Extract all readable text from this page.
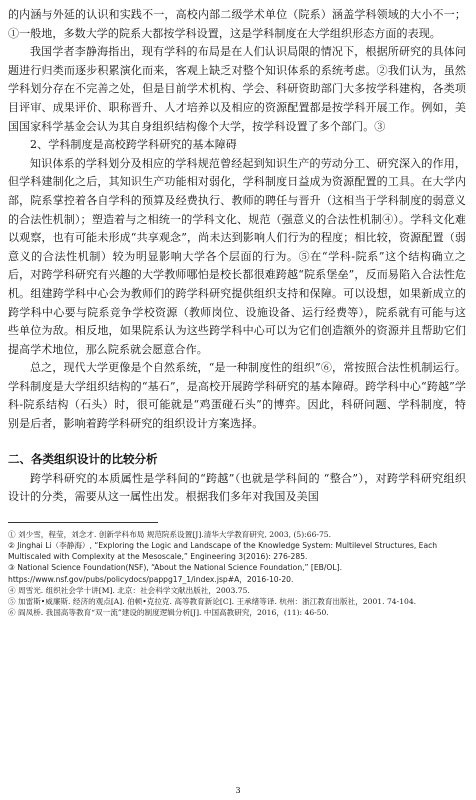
的内涵与外延的认识和实践不一，高校内部二级学术单位（院系）涵盖学科领域的大小不一；①一般地，多数大学的院系大都按学科设置，这是学科制度在大学组织形态方面的表现。

我国学者李静海指出，现有学科的布局是在人们认识局限的情况下，根据所研究的具体问题进行归类而逐步积累演化而来，客观上缺乏对整个知识体系的系统考虑。②我们认为，虽然学科划分存在不完善之处，但是目前学术机构、学会、科研资助部门大多按学科建构，各类项目评审、成果评价、职称晋升、人才培养以及相应的资源配置都是按学科开展工作。例如，美国国家科学基金会认为其自身组织结构像个大学，按学科设置了多个部门。③

2、学科制度是高校跨学科研究的基本障碍

知识体系的学科划分及相应的学科规范曾经起到知识生产的劳动分工、研究深入的作用，但学科建制化之后，其知识生产功能相对弱化，学科制度日益成为资源配置的工具。在大学内部，院系掌控着各自学科的预算及经费执行、教师的聘任与晋升（这相当于学科制度的弱意义的合法性机制）；塑造着与之相统一的学科文化、规范（强意义的合法性机制④）。学科文化难以观察，也有可能未形成“共享观念”，尚未达到影响人们行为的程度；相比较，资源配置（弱意义的合法性机制）较为明显影响大学各个层面的行为。⑤在“学科-院系”这个结构确立之后，对跨学科研究有兴趣的大学教师哪怕是校长都很难跨越“院系堡垒”，反而易陷入合法性危机。组建跨学科中心会为教师们的跨学科研究提供组织支持和保障。可以设想，如果新成立的跨学科中心要与院系竞争学校资源（教师岗位、设施设备、运行经费等），院系就有可能与这些单位为敌。相反地，如果院系认为这些跨学科中心可以为它们创造额外的资源并且帮助它们提高学术地位，那么院系就会愿意合作。

总之，现代大学更像是个自然系统，“是一种制度性的组织”⑥，常按照合法性机制运行。学科制度是大学组织结构的“基石”，是高校开展跨学科研究的基本障碍。跨学科中心“跨越”学科-院系结构（石头）时，很可能就是“鸡蛋碰石头”的博弈。因此，科研问题、学科制度，特别是后者，影响着跨学科研究的组织设计方案选择。

二、各类组织设计的比较分析

跨学科研究的本质属性是学科间的“跨越”（也就是学科间的 “整合”），对跨学科研究组织设计的分类，需要从这一属性出发。根据我们多年对我国及美国

① 刘少雪，程莹，刘念才. 创新学科布局 规范院系设置[J].清华大学教育研究, 2003, (5):66-75.

② Jinghai Li（李静海）, “Exploring the Logic and Landscape of the Knowledge System: Multilevel Structures, Each Multiscaled with Complexity at the Mesoscale,” Engineering 3(2016): 276-285.

③ National Science Foundation(NSF), “About the National Science Foundation,” [EB/OL]. https://www.nsf.gov/pubs/policydocs/pappg17_1/index.jsp#A，2016-10-20.

④ 周雪光. 组织社会学十讲[M]. 北京：社会科学文献出版社，2003.75.

⑤ 加雷斯•威廉斯. 经济的观点[A]. 伯顿•克拉克. 高等教育新论[C]. 王承绪等译. 杭州：浙江教育出版社，2001. 74-104.

⑥ 阎凤桥. 我国高等教育“双一流”建设的制度逻辑分析[J]. 中国高教研究，2016，(11): 46-50.

3
